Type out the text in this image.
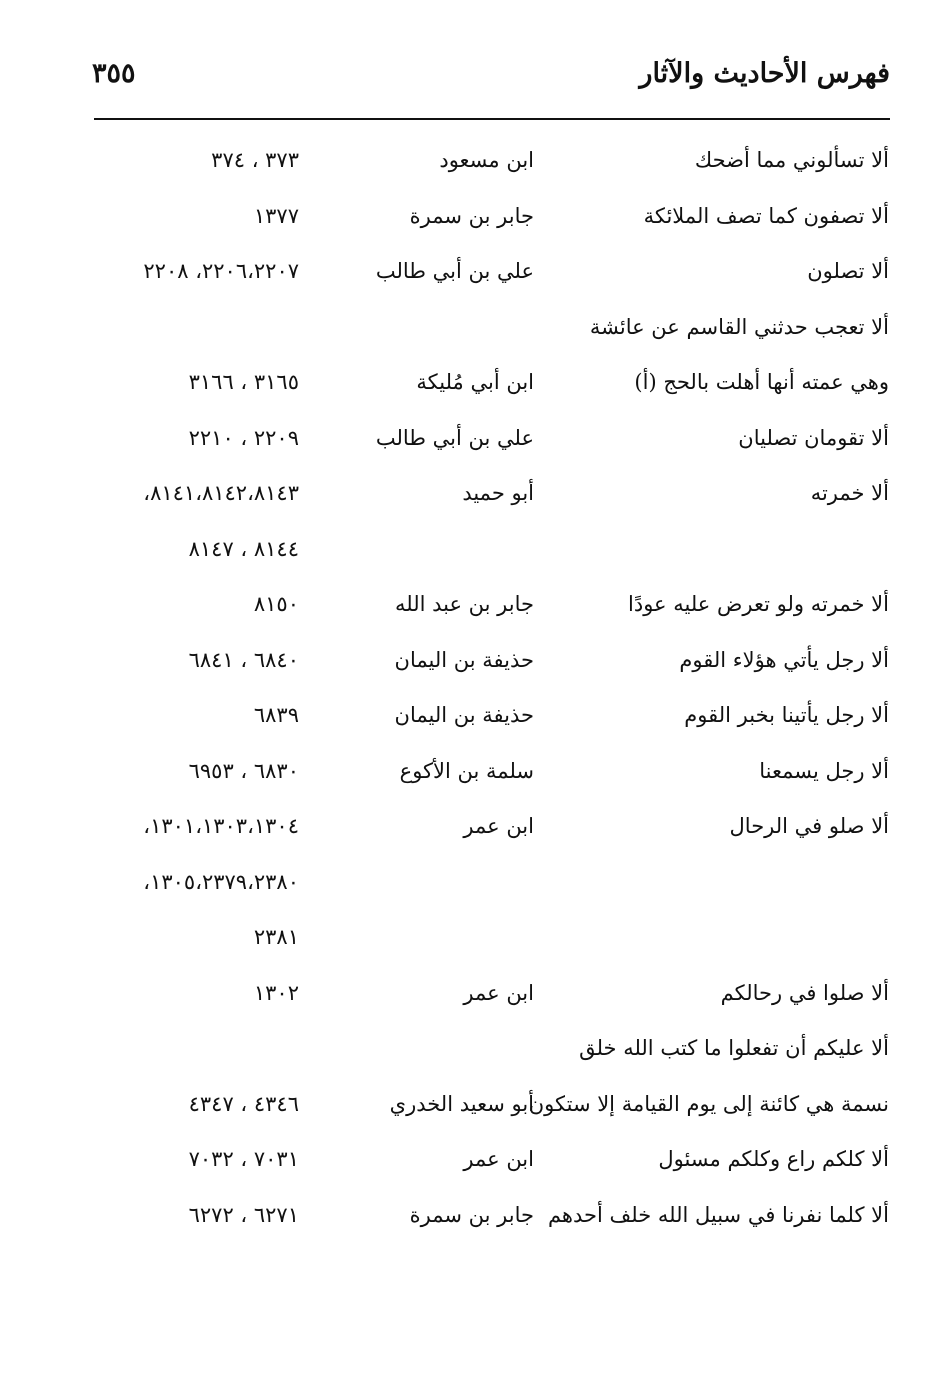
فهرس الأحاديث والآثار
٣٥٥
ألا تسألوني مما أضحك
ابن مسعود
٣٧٣ ، ٣٧٤
ألا تصفون كما تصف الملائكة
جابر بن سمرة
١٣٧٧
ألا تصلون
علي بن أبي طالب
٢٢٠٦،٢٢٠٧، ٢٢٠٨
ألا تعجب حدثني القاسم عن عائشة
وهي عمته أنها أهلت بالحج (أ)
ابن أبي مُليكة
٣١٦٥ ، ٣١٦٦
ألا تقومان تصليان
علي بن أبي طالب
٢٢٠٩ ، ٢٢١٠
ألا خمرته
أبو حميد
٨١٤١،٨١٤٢،٨١٤٣،
٨١٤٤ ، ٨١٤٧
ألا خمرته ولو تعرض عليه عودًا
جابر بن عبد الله
٨١٥٠
ألا رجل يأتي هؤلاء القوم
حذيفة بن اليمان
٦٨٤٠ ، ٦٨٤١
ألا رجل يأتينا بخبر القوم
حذيفة بن اليمان
٦٨٣٩
ألا رجل يسمعنا
سلمة بن الأكوع
٦٨٣٠ ، ٦٩٥٣
ألا صلو في الرحال
ابن عمر
١٣٠١،١٣٠٣،١٣٠٤،
١٣٠٥،٢٣٧٩،٢٣٨٠،
٢٣٨١
ألا صلوا في رحالكم
ابن عمر
١٣٠٢
ألا عليكم أن تفعلوا ما كتب الله خلق
نسمة هي كائنة إلى يوم القيامة إلا ستكون
أبو سعيد الخدري
٤٣٤٦ ، ٤٣٤٧
ألا كلكم راع وكلكم مسئول
ابن عمر
٧٠٣١ ، ٧٠٣٢
ألا كلما نفرنا في سبيل الله خلف أحدهم
جابر بن سمرة
٦٢٧١ ، ٦٢٧٢
